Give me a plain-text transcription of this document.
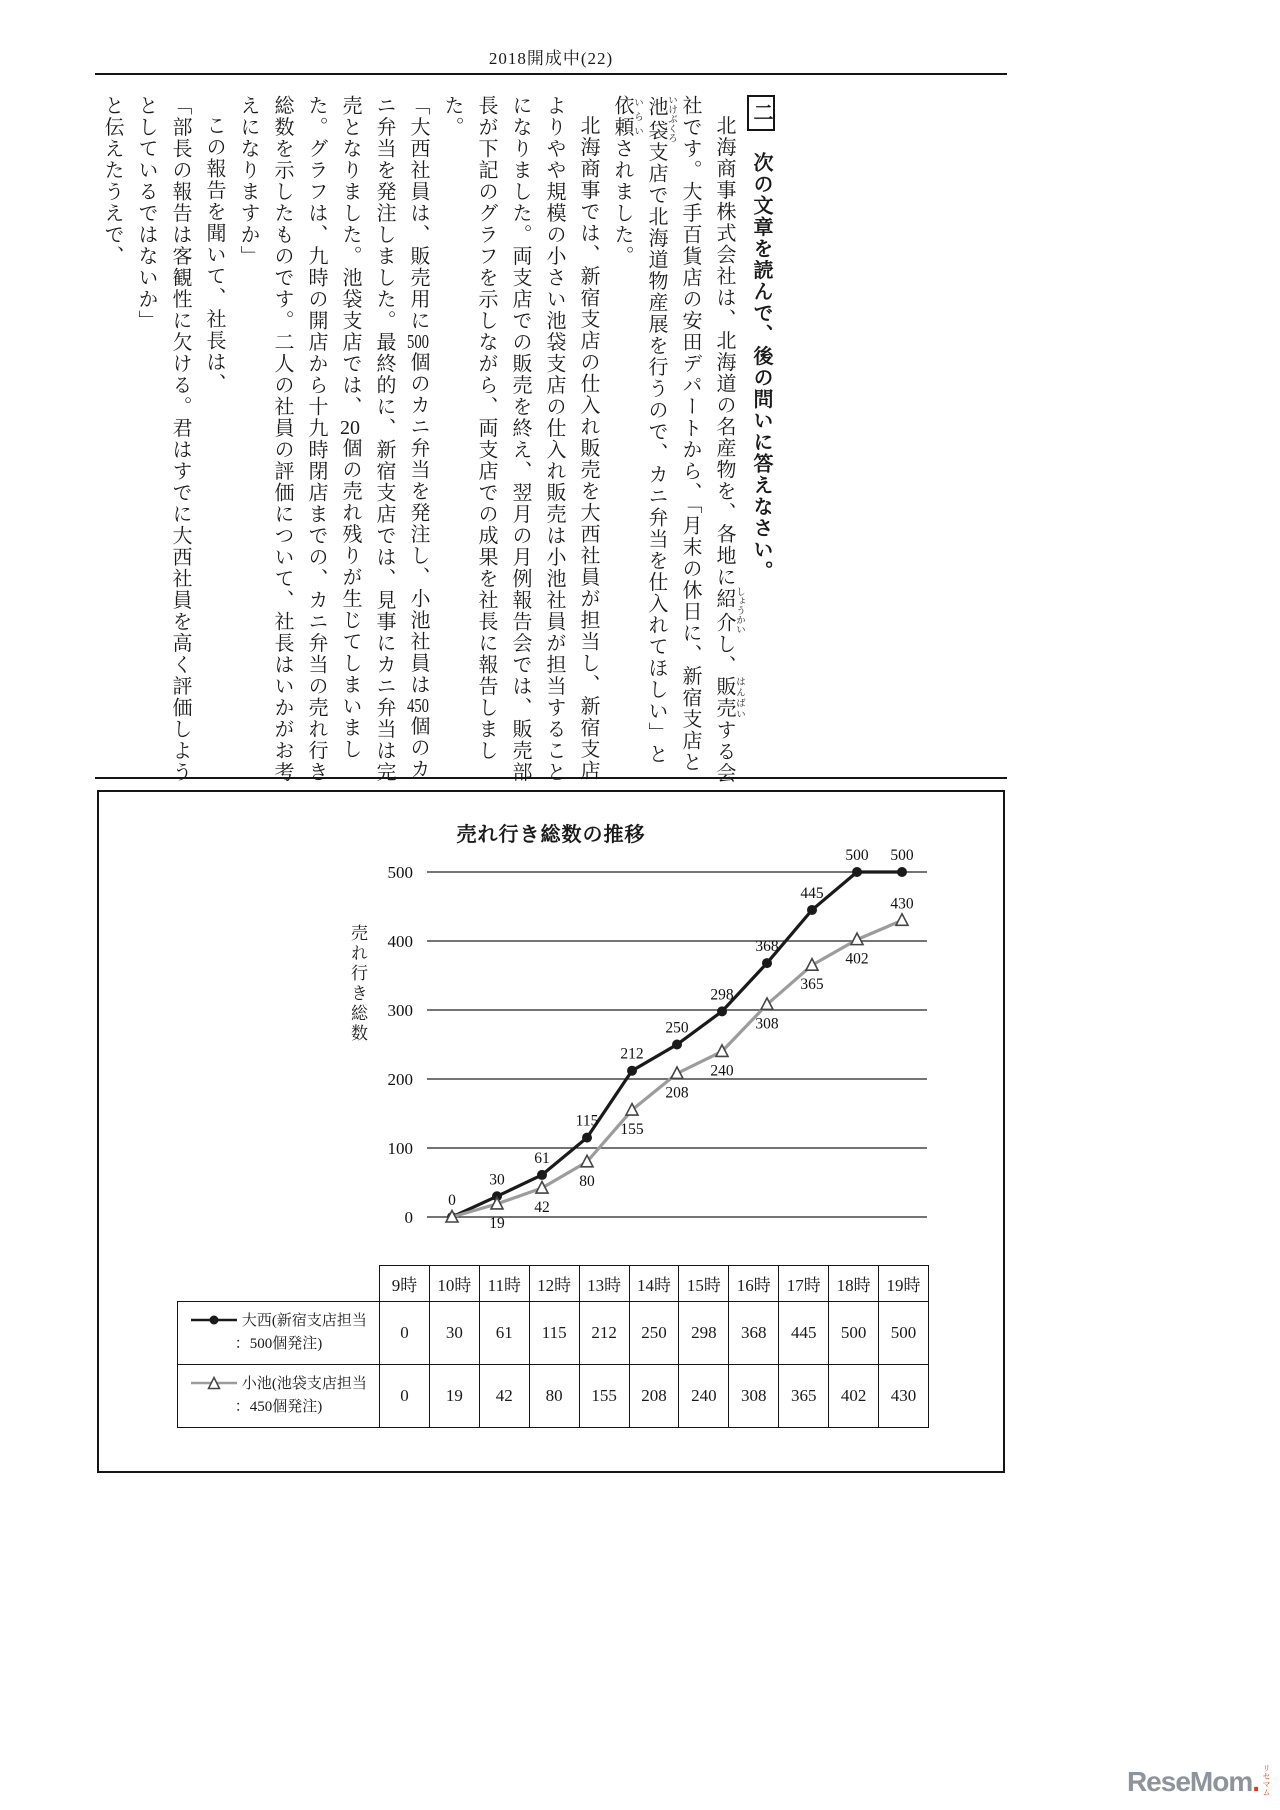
2018開成中(22)

二　次の文章を読んで、後の問いに答えなさい。

北海商事株式会社は、北海道の名産物を、各地に紹介 しょうかいし、販売 はんばいする会社です。大手百貨店の安田デパートから、「月末の休日に、新宿支店と池袋 いけぶくろ支店で北海道物産展を行うので、カニ弁当を仕入れてほしい」と依頼 いらいされました。

北海商事では、新宿支店の仕入れ販売を大西社員が担当し、新宿支店よりやや規模の小さい池袋支店の仕入れ販売は小池社員が担当することになりました。両支店での販売を終え、翌月の月例報告会では、販売部長が下記のグラフを示しながら、両支店での成果を社長に報告しました。

「大西社員は、販売用に500個のカニ弁当を発注し、小池社員は450個のカニ弁当を発注しました。最終的に、新宿支店では、見事にカニ弁当は完売となりました。池袋支店では、20個の売れ残りが生じてしまいました。グラフは、九時の開店から十九時閉店までの、カニ弁当の売れ行き総数を示したものです。二人の社員の評価について、社長はいかがお考えになりますか」

この報告を聞いて、社長は、

「部長の報告は客観性に欠ける。君はすでに大西社員を高く評価しようとしているではないか」

と伝えたうえで、

売れ行き総数の推移
売れ行き総数
0
100
200
300
400
500
0
30
61
115
212
250
298
368
445
500 500
19
42
80
155
208
240
308
365
402
430
	9時	10時	11時	12時	13時	14時	15時	16時	17時	18時	19時

大西(新宿支店担当
：500個発注)	0	30	61	115	212	250	298	368	445	500	500

小池(池袋支店担当
：450個発注)	0	19	42	80	155	208	240	308	365	402	430
ReseMom. リセマム
